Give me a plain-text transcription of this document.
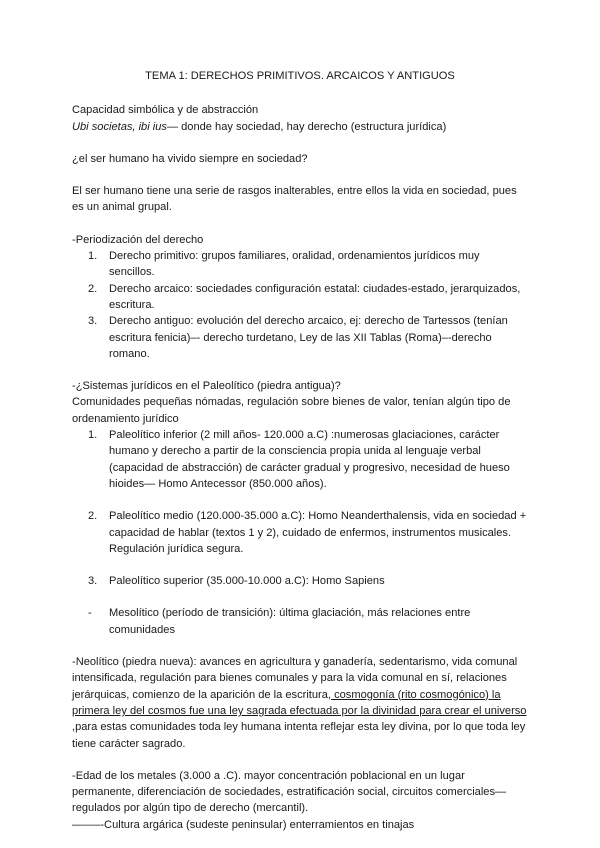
TEMA 1: DERECHOS PRIMITIVOS. ARCAICOS Y ANTIGUOS

Capacidad simbólica y de abstracción

Ubi societas, ibi ius— donde hay sociedad, hay derecho (estructura jurídica)

¿el ser humano ha vivido siempre en sociedad?

El ser humano tiene una serie de rasgos inalterables, entre ellos la vida en sociedad, pues es un animal grupal.

-Periodización del derecho

1.	Derecho primitivo: grupos familiares, oralidad, ordenamientos jurídicos muy sencillos.
2.	Derecho arcaico: sociedades configuración estatal: ciudades-estado, jerarquizados, escritura.
3.	Derecho antiguo: evolución del derecho arcaico, ej: derecho de Tartessos (tenían escritura fenicia)–- derecho turdetano, Ley de las XII Tablas (Roma)–-derecho romano.

-¿Sistemas jurídicos en el Paleolítico (piedra antigua)?

Comunidades pequeñas nómadas, regulación sobre bienes de valor, tenían algún tipo de ordenamiento jurídico

1.	Paleolítico inferior (2 mill años- 120.000 a.C) :numerosas glaciaciones, carácter humano y derecho a partir de la consciencia propia unida al lenguaje verbal (capacidad de abstracción) de carácter gradual y progresivo, necesidad de hueso hioides— Homo Antecessor (850.000 años).
2.	Paleolítico medio (120.000-35.000 a.C): Homo Neanderthalensis, vida en sociedad + capacidad de hablar (textos 1 y 2), cuidado de enfermos, instrumentos musicales. Regulación jurídica segura.
3.	Paleolítico superior (35.000-10.000 a.C): Homo Sapiens
-	Mesolítico (período de transición): última glaciación, más relaciones entre comunidades

-Neolítico (piedra nueva): avances en agricultura y ganadería, sedentarismo, vida comunal intensificada, regulación para bienes comunales y para la vida comunal en sí, relaciones jerárquicas, comienzo de la aparición de la escritura, cosmogonía (rito cosmogónico) la primera ley del cosmos fue una ley sagrada efectuada por la divinidad para crear el universo ,para estas comunidades toda ley humana intenta reflejar esta ley divina, por lo que toda ley tiene carácter sagrado.

-Edad de los metales (3.000 a .C). mayor concentración poblacional en un lugar permanente, diferenciación de sociedades, estratificación social, circuitos comerciales— regulados por algún tipo de derecho (mercantil).

——–-Cultura argárica (sudeste peninsular) enterramientos en tinajas
